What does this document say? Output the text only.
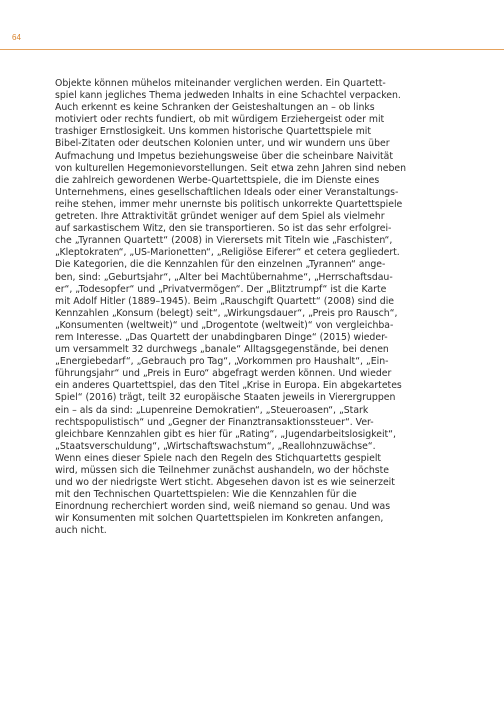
64
Objekte können mühelos miteinander verglichen werden. Ein Quartett-
spiel kann jegliches Thema jedweden Inhalts in eine Schachtel verpacken.
Auch erkennt es keine Schranken der Geisteshaltungen an – ob links
motiviert oder rechts fundiert, ob mit würdigem Erziehergeist oder mit
trashiger Ernstlosigkeit. Uns kommen historische Quartettspiele mit
Bibel-Zitaten oder deutschen Kolonien unter, und wir wundern uns über
Aufmachung und Impetus beziehungsweise über die scheinbare Naivität
von kulturellen Hegemonievorstellungen. Seit etwa zehn Jahren sind neben
die zahlreich gewordenen Werbe-Quartettspiele, die im Dienste eines
Unternehmens, eines gesellschaftlichen Ideals oder einer Veranstaltungs-
reihe stehen, immer mehr unernste bis politisch unkorrekte Quartettspiele
getreten. Ihre Attraktivität gründet weniger auf dem Spiel als vielmehr
auf sarkastischem Witz, den sie transportieren. So ist das sehr erfolgrei-
che „Tyrannen Quartett“ (2008) in Vierersets mit Titeln wie „Faschisten“,
„Kleptokraten“, „US-Marionetten“, „Religiöse Eiferer“ et cetera gegliedert.
Die Kategorien, die die Kennzahlen für den einzelnen „Tyrannen“ ange-
ben, sind: „Geburtsjahr“, „Alter bei Machtübernahme“, „Herrschaftsdau-
er“, „Todesopfer“ und „Privatvermögen“. Der „Blitztrumpf“ ist die Karte
mit Adolf Hitler (1889–1945). Beim „Rauschgift Quartett“ (2008) sind die
Kennzahlen „Konsum (belegt) seit“, „Wirkungsdauer“, „Preis pro Rausch“,
„Konsumenten (weltweit)“ und „Drogentote (weltweit)“ von vergleichba-
rem Interesse. „Das Quartett der unabdingbaren Dinge“ (2015) wieder-
um versammelt 32 durchwegs „banale“ Alltagsgegenstände, bei denen
„Energiebedarf“, „Gebrauch pro Tag“, „Vorkommen pro Haushalt“, „Ein-
führungsjahr“ und „Preis in Euro“ abgefragt werden können. Und wieder
ein anderes Quartettspiel, das den Titel „Krise in Europa. Ein abgekartetes
Spiel“ (2016) trägt, teilt 32 europäische Staaten jeweils in Vierergruppen
ein – als da sind: „Lupenreine Demokratien“, „Steueroasen“, „Stark
rechtspopulistisch“ und „Gegner der Finanztransaktionssteuer“. Ver-
gleichbare Kennzahlen gibt es hier für „Rating“, „Jugendarbeitslosigkeit“,
„Staatsverschuldung“, „Wirtschaftswachstum“, „Reallohnzuwächse“.
Wenn eines dieser Spiele nach den Regeln des Stichquartetts gespielt
wird, müssen sich die Teilnehmer zunächst aushandeln, wo der höchste
und wo der niedrigste Wert sticht. Abgesehen davon ist es wie seinerzeit
mit den Technischen Quartettspielen: Wie die Kennzahlen für die
Einordnung recherchiert worden sind, weiß niemand so genau. Und was
wir Konsumenten mit solchen Quartettspielen im Konkreten anfangen,
auch nicht.
